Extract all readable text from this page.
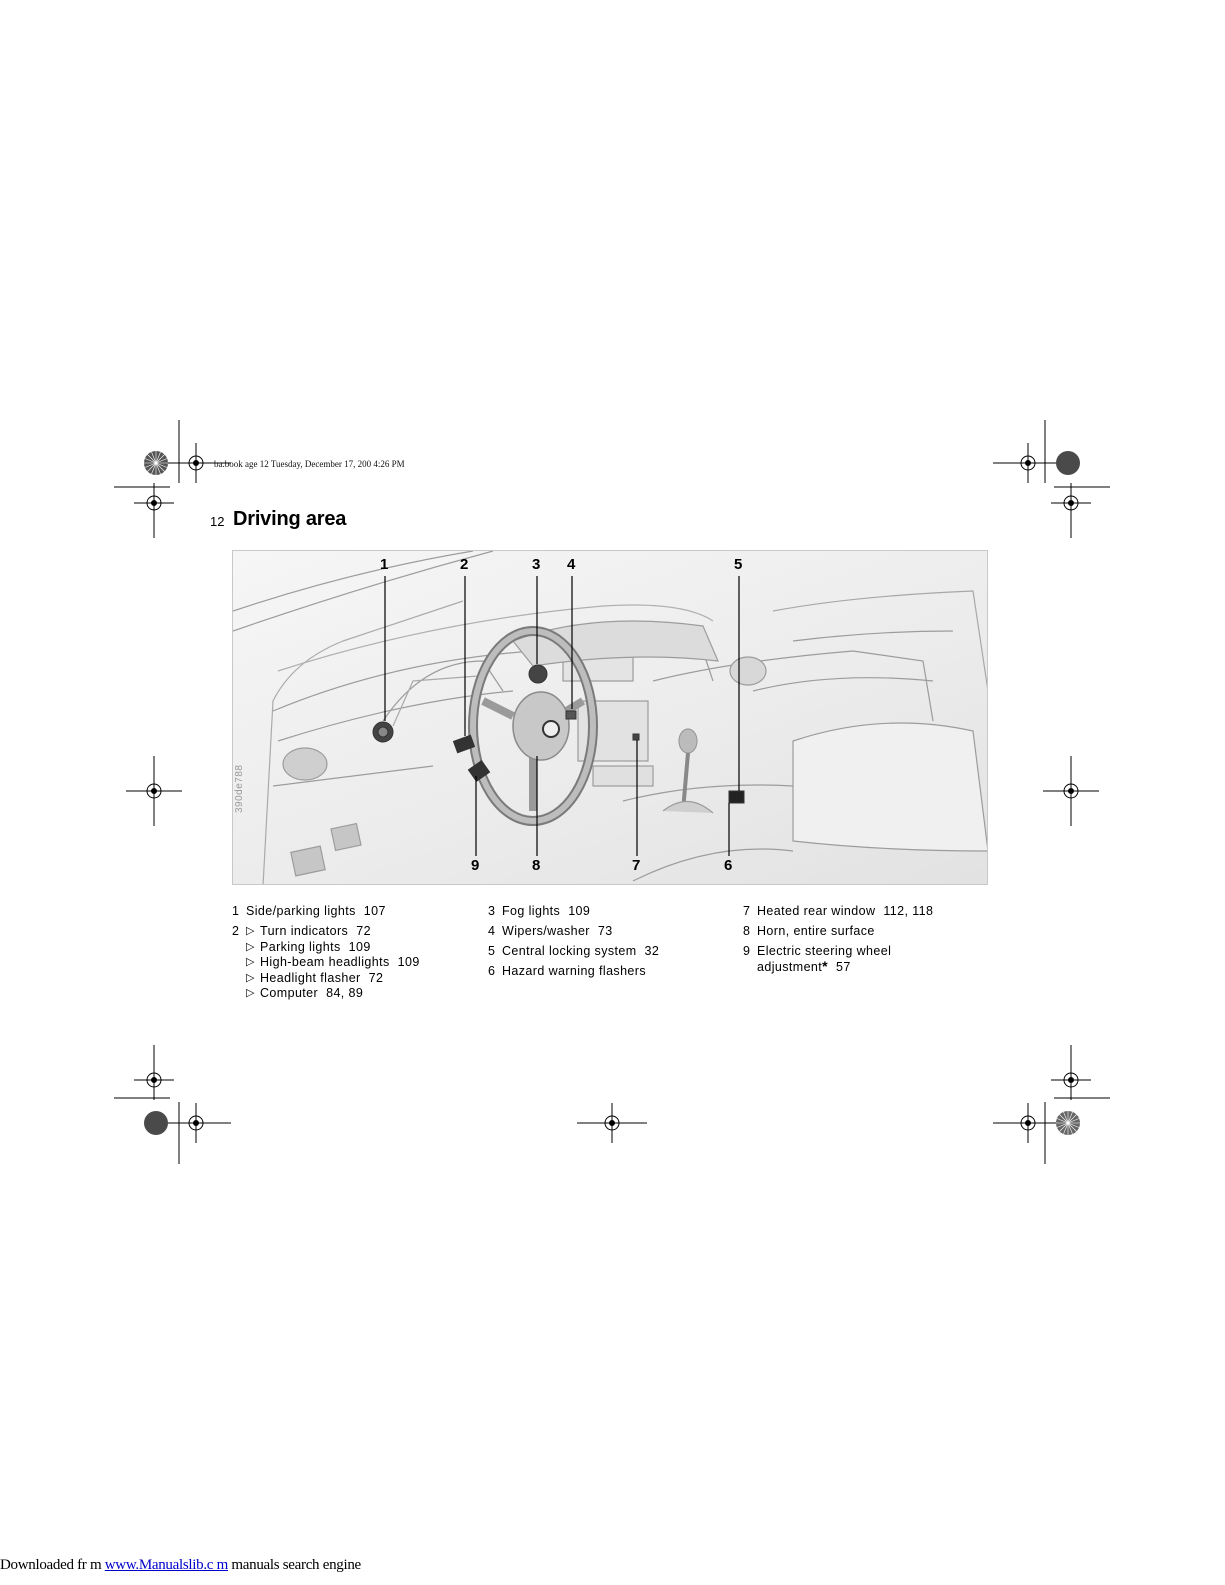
ba.book age 12 Tuesday, December 17, 200 4:26 PM
12 Driving area
1	2	3 4	5
9	8	7	6
390de788
1 Side/parking lights 107
2 ▷ Turn indicators 72
▷ Parking lights 109
▷ High-beam headlights 109
▷ Headlight flasher 72
▷ Computer 84, 89
3 Fog lights 109
4 Wipers/washer 73
5 Central locking system 32
6 Hazard warning flashers
7 Heated rear window 112, 118
8 Horn, entire surface
9 Electric steering wheel
adjustment* 57
Downloaded fr m www.Manualslib.c m manuals search engine
